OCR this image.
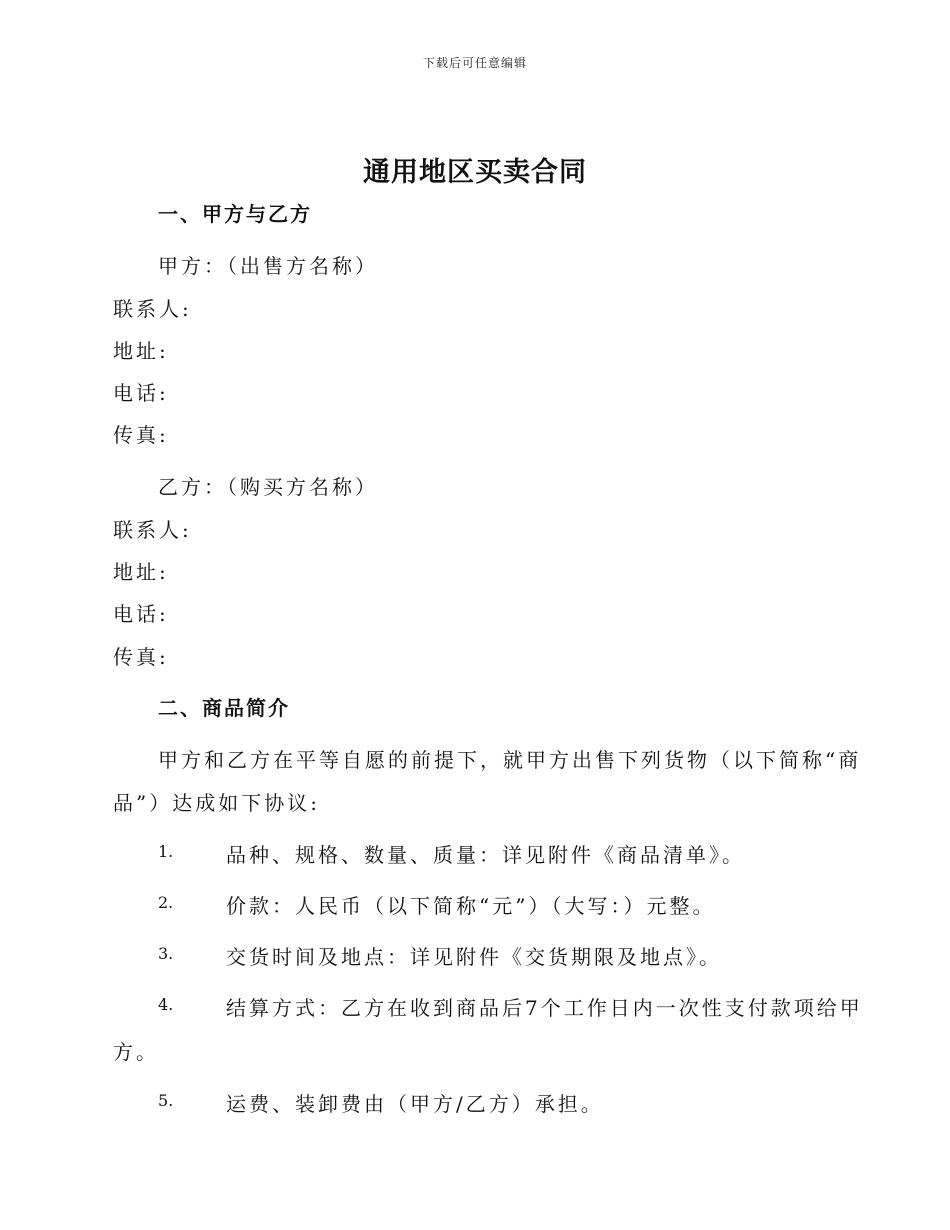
下载后可任意编辑
通用地区买卖合同
一、甲方与乙方
甲方：（出售方名称）
联系人:
地址:
电话:
传真:
乙方：（购买方名称）
联系人:
地址:
电话:
传真:
二、商品简介
甲方和乙方在平等自愿的前提下，就甲方出售下列货物（以下简称“商
品”）达成如下协议:
1.	品种、规格、数量、质量：详见附件《商品清单》。
2.	价款：人民币（以下简称“元”）（大写：）元整。
3.	交货时间及地点：详见附件《交货期限及地点》。
4.	结算方式：乙方在收到商品后7个工作日内一次性支付款项给甲
方。
5.	运费、装卸费由（甲方/乙方）承担。
